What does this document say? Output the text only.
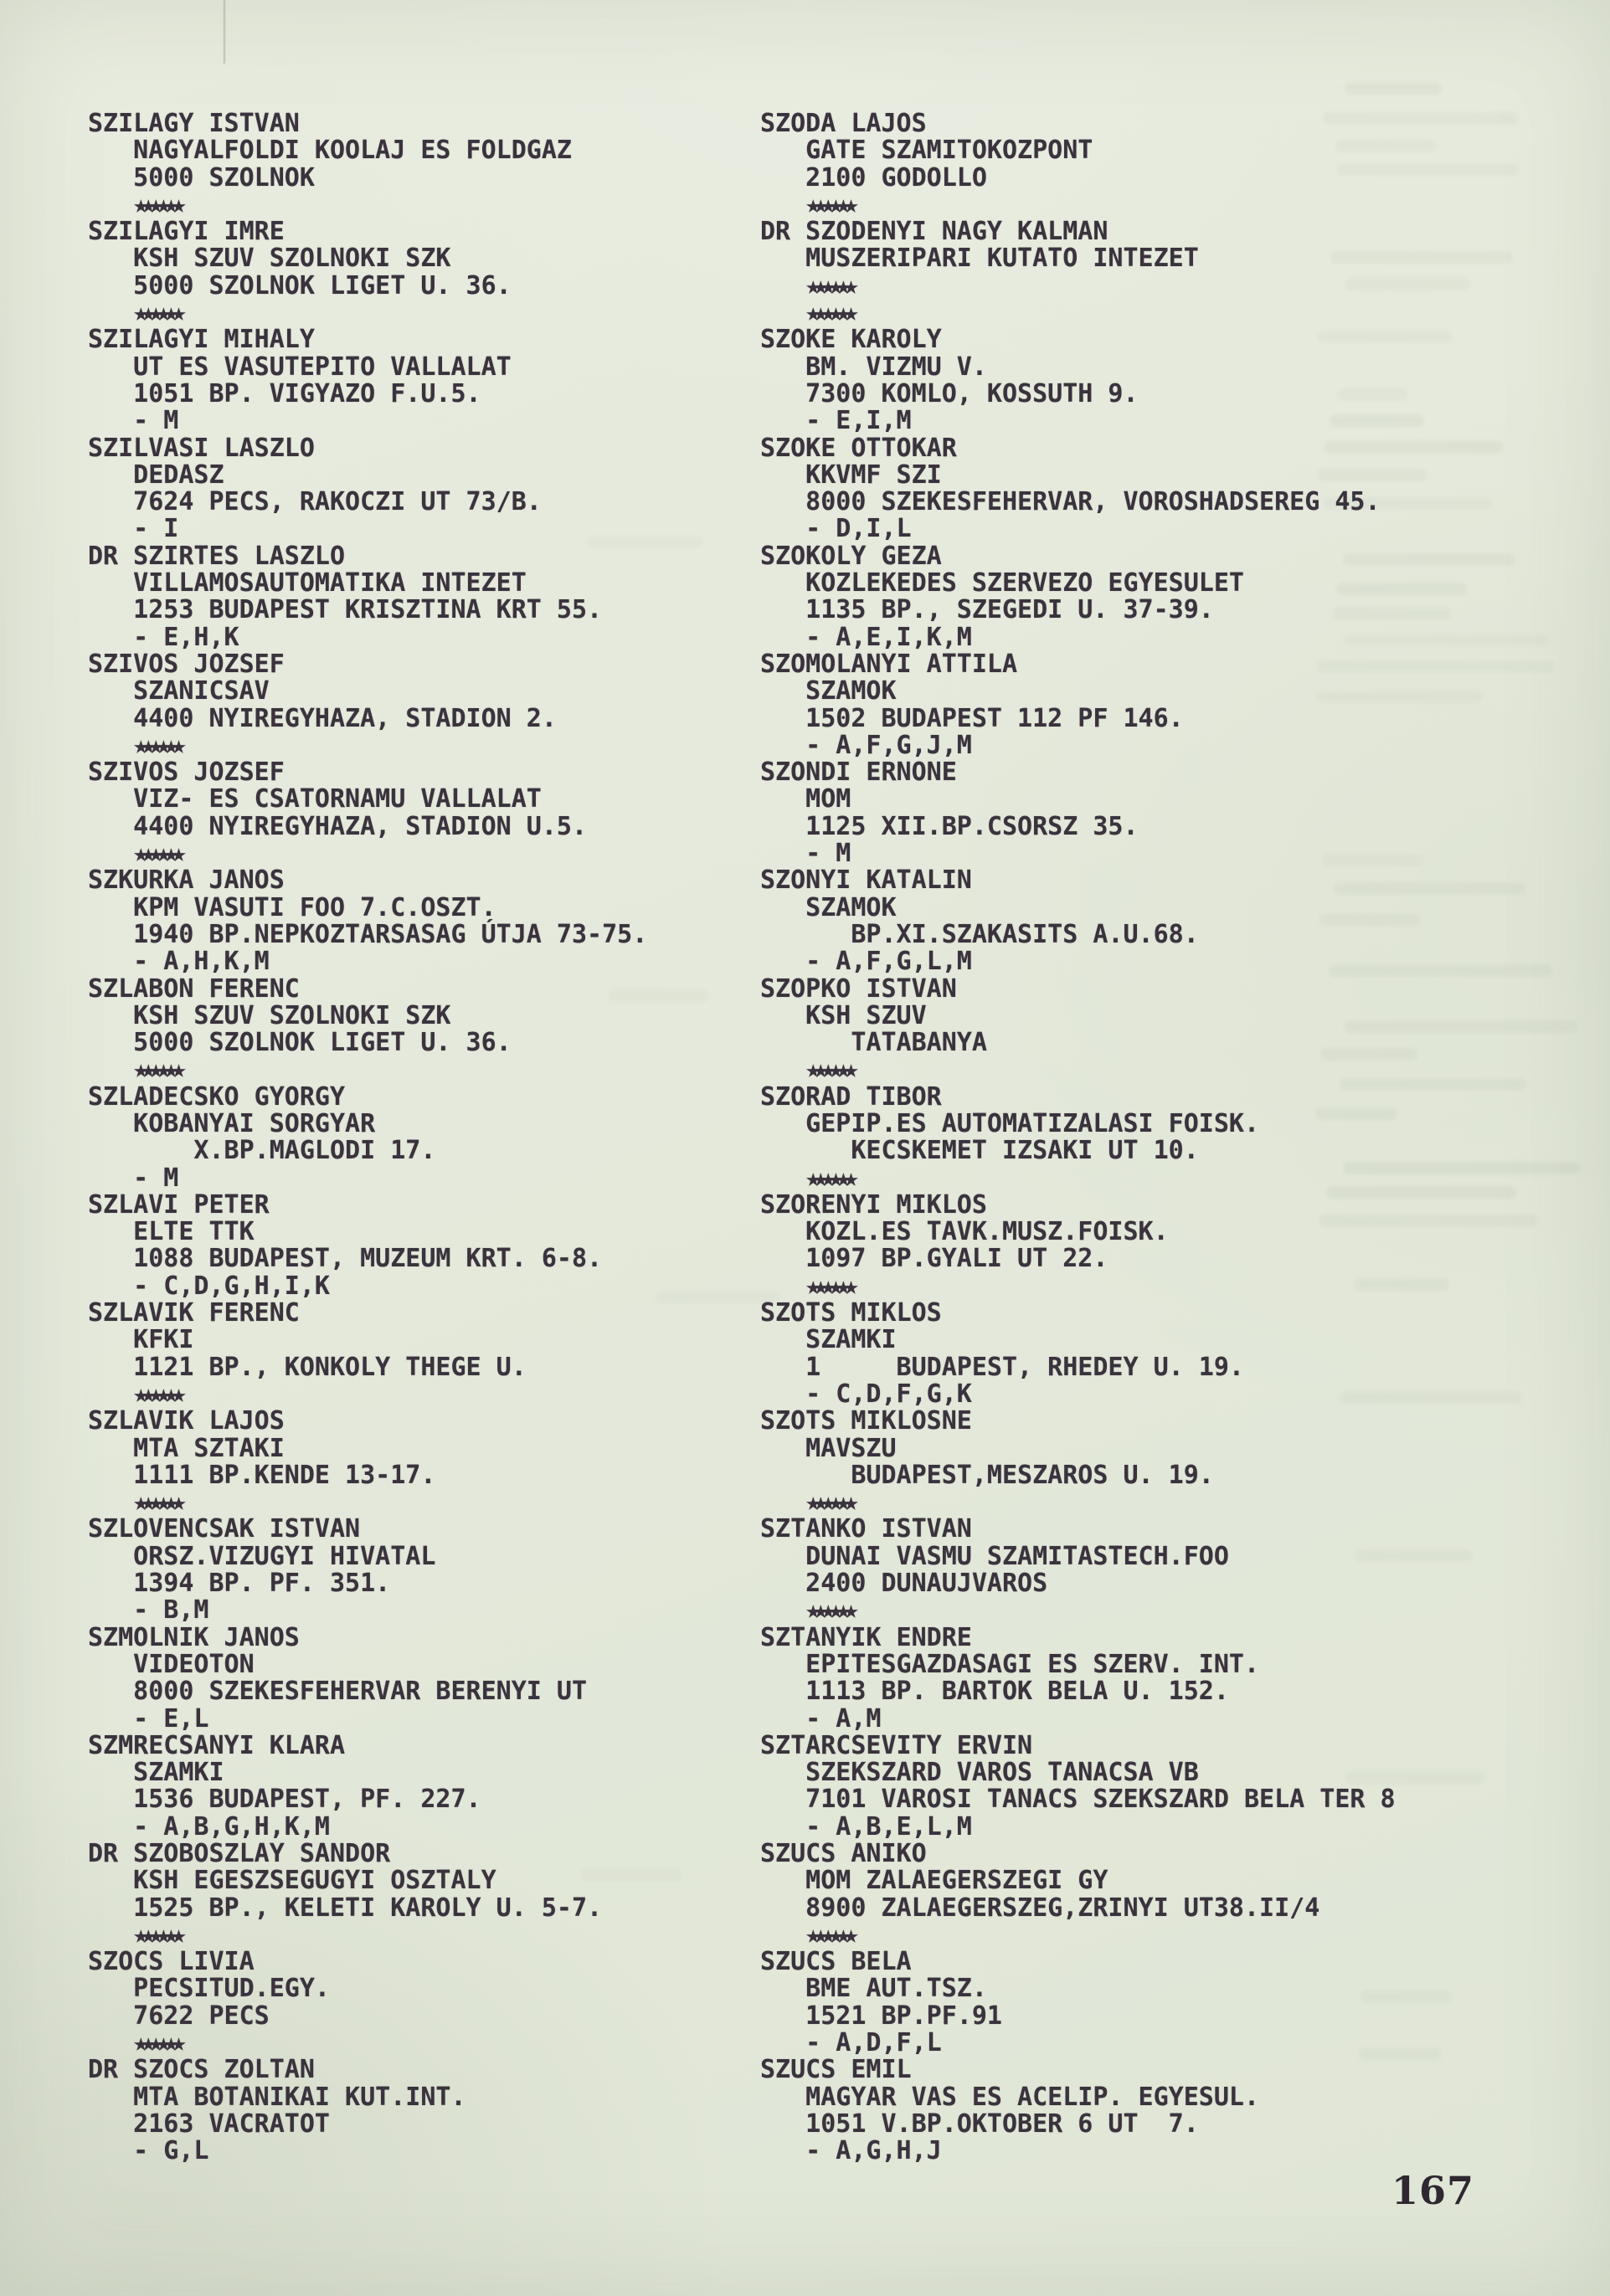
SZILAGY ISTVAN
NAGYALFOLDI KOOLAJ ES FOLDGAZ
5000 SZOLNOK
★★★★★★
SZILAGYI IMRE
KSH SZUV SZOLNOKI SZK
5000 SZOLNOK LIGET U. 36.
★★★★★★
SZILAGYI MIHALY
UT ES VASUTEPITO VALLALAT
1051 BP. VIGYAZO F.U.5.
- M
SZILVASI LASZLO
DEDASZ
7624 PECS, RAKOCZI UT 73/B.
- I
DR SZIRTES LASZLO
VILLAMOSAUTOMATIKA INTEZET
1253 BUDAPEST KRISZTINA KRT 55.
- E,H,K
SZIVOS JOZSEF
SZANICSAV
4400 NYIREGYHAZA, STADION 2.
★★★★★★
SZIVOS JOZSEF
VIZ- ES CSATORNAMU VALLALAT
4400 NYIREGYHAZA, STADION U.5.
★★★★★★
SZKURKA JANOS
KPM VASUTI FOO 7.C.OSZT.
1940 BP.NEPKOZTARSASAG ÚTJA 73-75.
- A,H,K,M
SZLABON FERENC
KSH SZUV SZOLNOKI SZK
5000 SZOLNOK LIGET U. 36.
★★★★★★
SZLADECSKO GYORGY
KOBANYAI SORGYAR
X.BP.MAGLODI 17.
- M
SZLAVI PETER
ELTE TTK
1088 BUDAPEST, MUZEUM KRT. 6-8.
- C,D,G,H,I,K
SZLAVIK FERENC
KFKI
1121 BP., KONKOLY THEGE U.
★★★★★★
SZLAVIK LAJOS
MTA SZTAKI
1111 BP.KENDE 13-17.
★★★★★★
SZLOVENCSAK ISTVAN
ORSZ.VIZUGYI HIVATAL
1394 BP. PF. 351.
- B,M
SZMOLNIK JANOS
VIDEOTON
8000 SZEKESFEHERVAR BERENYI UT
- E,L
SZMRECSANYI KLARA
SZAMKI
1536 BUDAPEST, PF. 227.
- A,B,G,H,K,M
DR SZOBOSZLAY SANDOR
KSH EGESZSEGUGYI OSZTALY
1525 BP., KELETI KAROLY U. 5-7.
★★★★★★
SZOCS LIVIA
PECSITUD.EGY.
7622 PECS
★★★★★★
DR SZOCS ZOLTAN
MTA BOTANIKAI KUT.INT.
2163 VACRATOT
- G,L
SZODA LAJOS
GATE SZAMITOKOZPONT
2100 GODOLLO
★★★★★★
DR SZODENYI NAGY KALMAN
MUSZERIPARI KUTATO INTEZET
★★★★★★
★★★★★★
SZOKE KAROLY
BM. VIZMU V.
7300 KOMLO, KOSSUTH 9.
- E,I,M
SZOKE OTTOKAR
KKVMF SZI
8000 SZEKESFEHERVAR, VOROSHADSEREG 45.
- D,I,L
SZOKOLY GEZA
KOZLEKEDES SZERVEZO EGYESULET
1135 BP., SZEGEDI U. 37-39.
- A,E,I,K,M
SZOMOLANYI ATTILA
SZAMOK
1502 BUDAPEST 112 PF 146.
- A,F,G,J,M
SZONDI ERNONE
MOM
1125 XII.BP.CSORSZ 35.
- M
SZONYI KATALIN
SZAMOK
BP.XI.SZAKASITS A.U.68.
- A,F,G,L,M
SZOPKO ISTVAN
KSH SZUV
TATABANYA
★★★★★★
SZORAD TIBOR
GEPIP.ES AUTOMATIZALASI FOISK.
KECSKEMET IZSAKI UT 10.
★★★★★★
SZORENYI MIKLOS
KOZL.ES TAVK.MUSZ.FOISK.
1097 BP.GYALI UT 22.
★★★★★★
SZOTS MIKLOS
SZAMKI
1     BUDAPEST, RHEDEY U. 19.
- C,D,F,G,K
SZOTS MIKLOSNE
MAVSZU
BUDAPEST,MESZAROS U. 19.
★★★★★★
SZTANKO ISTVAN
DUNAI VASMU SZAMITASTECH.FOO
2400 DUNAUJVAROS
★★★★★★
SZTANYIK ENDRE
EPITESGAZDASAGI ES SZERV. INT.
1113 BP. BARTOK BELA U. 152.
- A,M
SZTARCSEVITY ERVIN
SZEKSZARD VAROS TANACSA VB
7101 VAROSI TANACS SZEKSZARD BELA TER 8
- A,B,E,L,M
SZUCS ANIKO
MOM ZALAEGERSZEGI GY
8900 ZALAEGERSZEG,ZRINYI UT38.II/4
★★★★★★
SZUCS BELA
BME AUT.TSZ.
1521 BP.PF.91
- A,D,F,L
SZUCS EMIL
MAGYAR VAS ES ACELIP. EGYESUL.
1051 V.BP.OKTOBER 6 UT  7.
- A,G,H,J
167
